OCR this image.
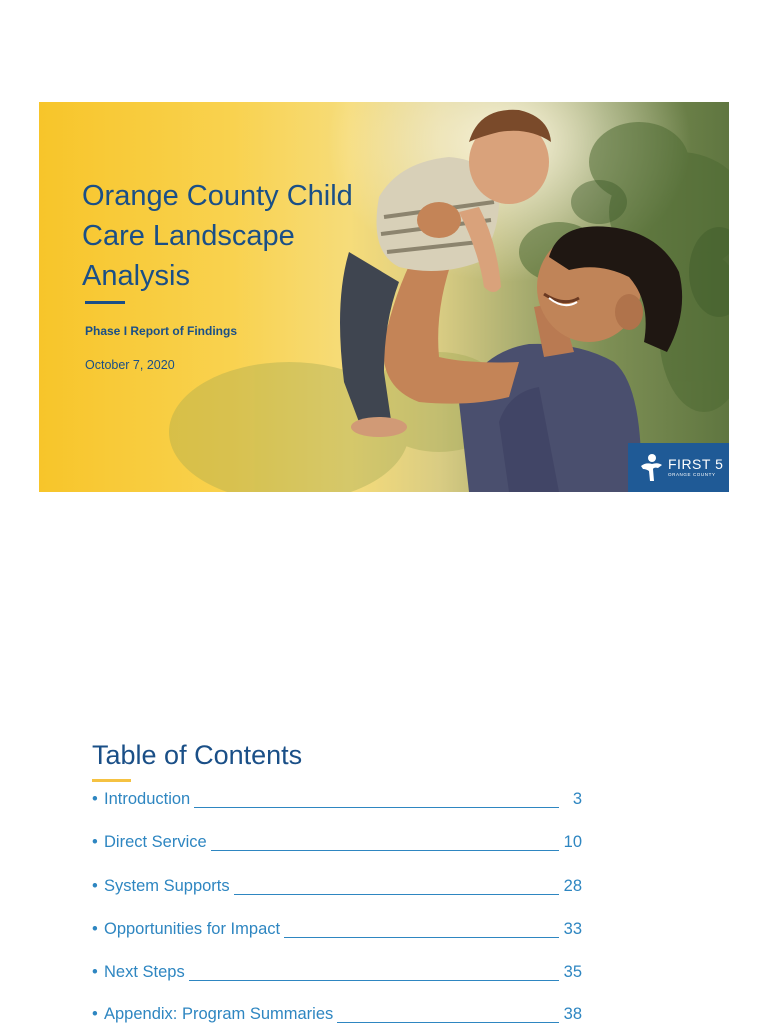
Orange County Child
Care Landscape
Analysis
Phase I Report of Findings
October 7, 2020
FIRST 5
ORANGE COUNTY
Table of Contents
• Introduction	3
• Direct Service	10
• System Supports	28
• Opportunities for Impact	33
• Next Steps	35
• Appendix: Program Summaries	38
